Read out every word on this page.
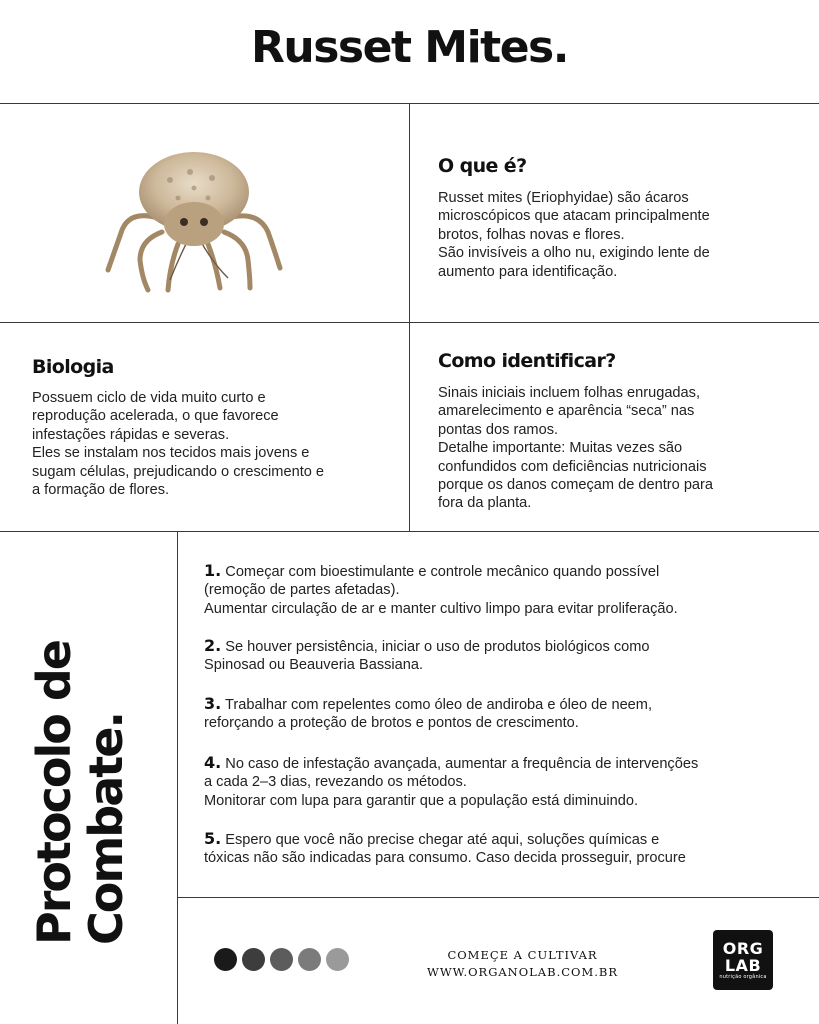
Russet Mites.
O que é?
Russet mites (Eriophyidae) são ácaros
microscópicos que atacam principalmente
brotos, folhas novas e flores.
São invisíveis a olho nu, exigindo lente de
aumento para identificação.
Biologia
Possuem ciclo de vida muito curto e
reprodução acelerada, o que favorece
infestações rápidas e severas.
Eles se instalam nos tecidos mais jovens e
sugam células, prejudicando o crescimento e
a formação de flores.
Como identificar?
Sinais iniciais incluem folhas enrugadas,
amarelecimento e aparência “seca” nas
pontas dos ramos.
Detalhe importante: Muitas vezes são
confundidos com deficiências nutricionais
porque os danos começam de dentro para
fora da planta.
Protocolo de
Combate.
1. Começar com bioestimulante e controle mecânico quando possível
(remoção de partes afetadas).
Aumentar circulação de ar e manter cultivo limpo para evitar proliferação.
2. Se houver persistência, iniciar o uso de produtos biológicos como
Spinosad ou Beauveria Bassiana.
3. Trabalhar com repelentes como óleo de andiroba e óleo de neem,
reforçando a proteção de brotos e pontos de crescimento.
4. No caso de infestação avançada, aumentar a frequência de intervenções
a cada 2–3 dias, revezando os métodos.
Monitorar com lupa para garantir que a população está diminuindo.
5. Espero que você não precise chegar até aqui, soluções químicas e
tóxicas não são indicadas para consumo. Caso decida prosseguir, procure
COMEÇE A CULTIVAR
WWW.ORGANOLAB.COM.BR
ORG
LAB
nutrição orgânica
